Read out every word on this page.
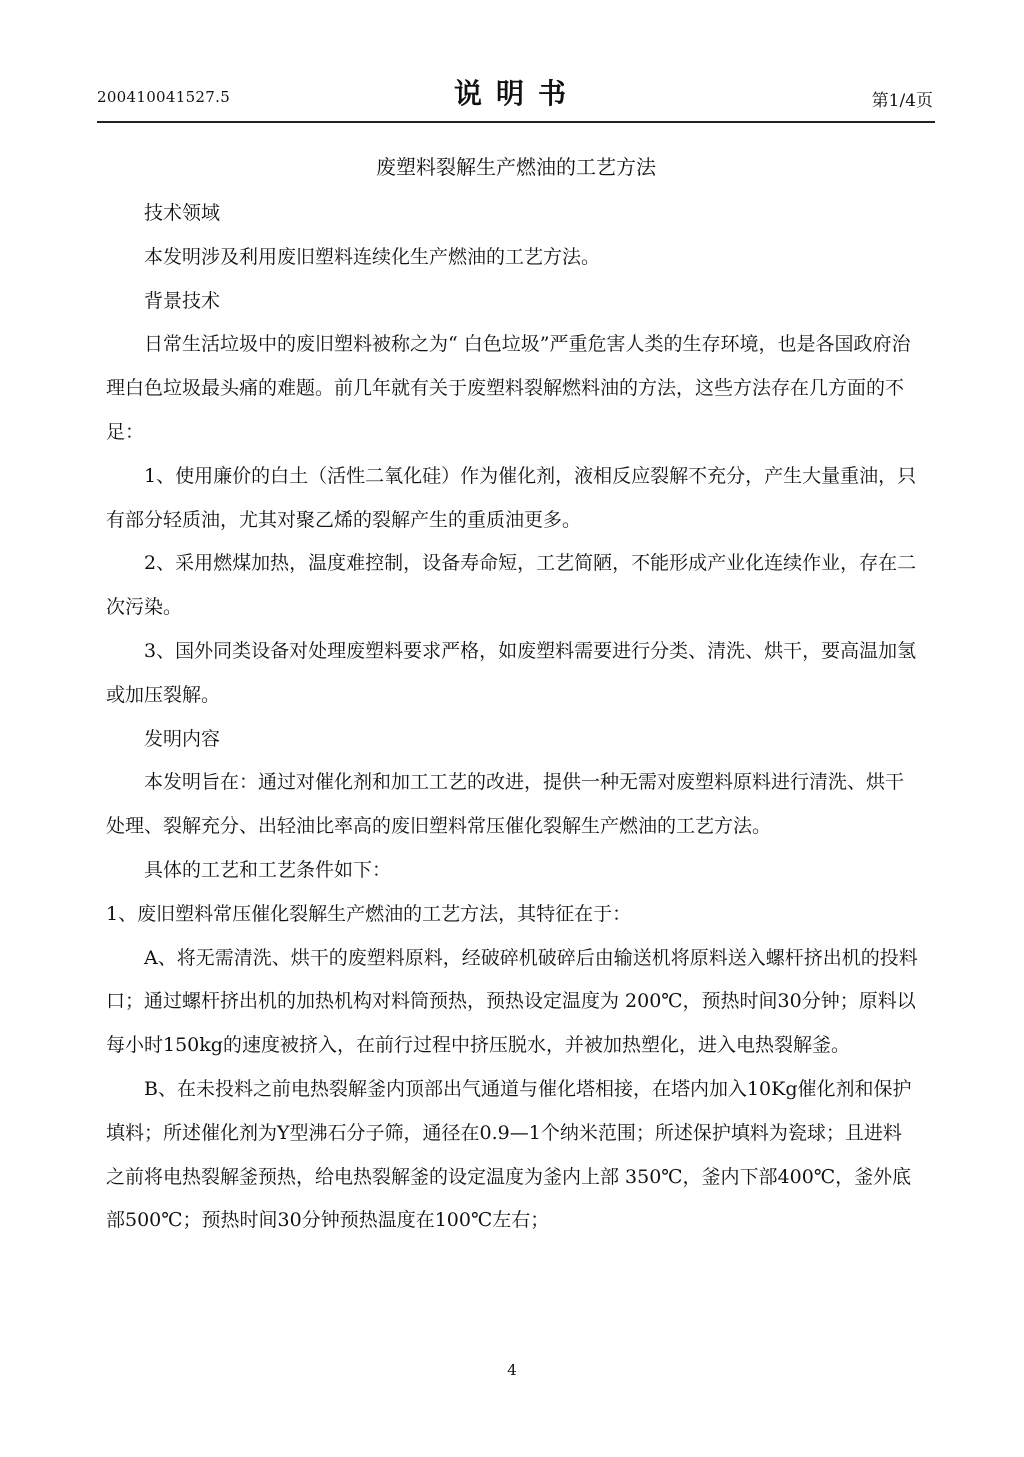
200410041527.5	说明书	第1/4页
废塑料裂解生产燃油的工艺方法

技术领域

本发明涉及利用废旧塑料连续化生产燃油的工艺方法。

背景技术

日常生活垃圾中的废旧塑料被称之为“ 白色垃圾”严重危害人类的生存环境，也是各国政府治理白色垃圾最头痛的难题。前几年就有关于废塑料裂解燃料油的方法，这些方法存在几方面的不足：

1、使用廉价的白土（活性二氧化硅）作为催化剂，液相反应裂解不充分，产生大量重油，只有部分轻质油，尤其对聚乙烯的裂解产生的重质油更多。

2、采用燃煤加热，温度难控制，设备寿命短，工艺简陋，不能形成产业化连续作业，存在二次污染。

3、国外同类设备对处理废塑料要求严格，如废塑料需要进行分类、清洗、烘干，要高温加氢或加压裂解。

发明内容

本发明旨在：通过对催化剂和加工工艺的改进，提供一种无需对废塑料原料进行清洗、烘干处理、裂解充分、出轻油比率高的废旧塑料常压催化裂解生产燃油的工艺方法。

具体的工艺和工艺条件如下：

1、废旧塑料常压催化裂解生产燃油的工艺方法，其特征在于：

A、将无需清洗、烘干的废塑料原料，经破碎机破碎后由输送机将原料送入螺杆挤出机的投料口；通过螺杆挤出机的加热机构对料筒预热，预热设定温度为 200℃，预热时间30分钟；原料以每小时150kg的速度被挤入，在前行过程中挤压脱水，并被加热塑化，进入电热裂解釜。

B、在未投料之前电热裂解釜内顶部出气通道与催化塔相接，在塔内加入10Kg催化剂和保护填料；所述催化剂为Y型沸石分子筛，通径在0.9—1个纳米范围；所述保护填料为瓷球；且进料之前将电热裂解釜预热，给电热裂解釜的设定温度为釜内上部 350℃，釜内下部400℃，釜外底部500℃；预热时间30分钟预热温度在100℃左右；

4
